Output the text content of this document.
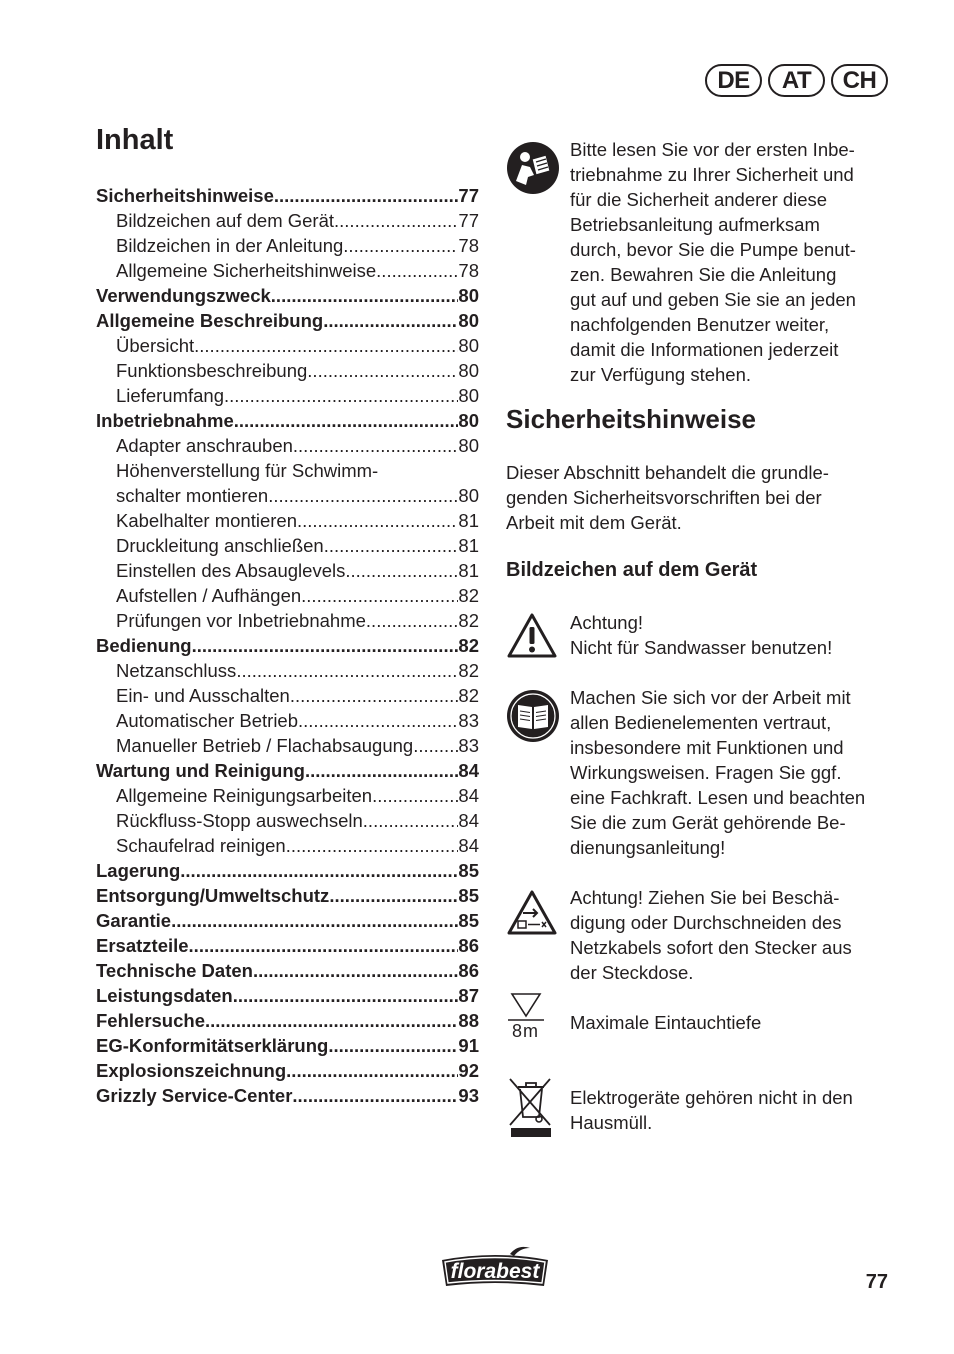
DE	AT	CH
Inhalt
Sicherheitshinweise .....	77
Bildzeichen auf dem Gerät .....	77
Bildzeichen in der Anleitung .....	78
Allgemeine Sicherheitshinweise .....	78
Verwendungszweck .....	80
Allgemeine Beschreibung .....	80
Übersicht .....	80
Funktionsbeschreibung .....	80
Lieferumfang .....	80
Inbetriebnahme .....	80
Adapter anschrauben .....	80
Höhenverstellung für Schwimm-
schalter montieren .....	80
Kabelhalter montieren .....	81
Druckleitung anschließen .....	81
Einstellen des Absauglevels .....	81
Aufstellen / Aufhängen .....	82
Prüfungen vor Inbetriebnahme .....	82
Bedienung .....	82
Netzanschluss .....	82
Ein- und Ausschalten .....	82
Automatischer Betrieb .....	83
Manueller Betrieb / Flachabsaugung ..... 83
Wartung und Reinigung .....	84
Allgemeine Reinigungsarbeiten .....	84
Rückfluss-Stopp auswechseln .....	84
Schaufelrad reinigen .....	84
Lagerung .....	85
Entsorgung/Umweltschutz .....	85
Garantie .....	85
Ersatzteile .....	86
Technische Daten .....	86
Leistungsdaten .....	87
Fehlersuche .....	88
EG-Konformitätserklärung .....	91
Explosionszeichnung .....	92
Grizzly Service-Center .....	93
Bitte lesen Sie vor der ersten Inbe-
triebnahme zu Ihrer Sicherheit und
für die Sicherheit anderer diese
Betriebsanleitung aufmerksam
durch, bevor Sie die Pumpe benut-
zen. Bewahren Sie die Anleitung
gut auf und geben Sie sie an jeden
nachfolgenden Benutzer weiter,
damit die Informationen jederzeit
zur Verfügung stehen.
Sicherheitshinweise
Dieser Abschnitt behandelt die grundle-
genden Sicherheitsvorschriften bei der
Arbeit mit dem Gerät.
Bildzeichen auf dem Gerät
Achtung!
Nicht für Sandwasser benutzen!
Machen Sie sich vor der Arbeit mit
allen Bedienelementen vertraut,
insbesondere mit Funktionen und
Wirkungsweisen. Fragen Sie ggf.
eine Fachkraft. Lesen und beachten
Sie die zum Gerät gehörende Be-
dienungsanleitung!
Achtung! Ziehen Sie bei Beschä-
digung oder Durchschneiden des
Netzkabels sofort den Stecker aus
der Steckdose.
8m Maximale Eintauchtiefe
Elektrogeräte gehören nicht in den
Hausmüll.
florabest	77
